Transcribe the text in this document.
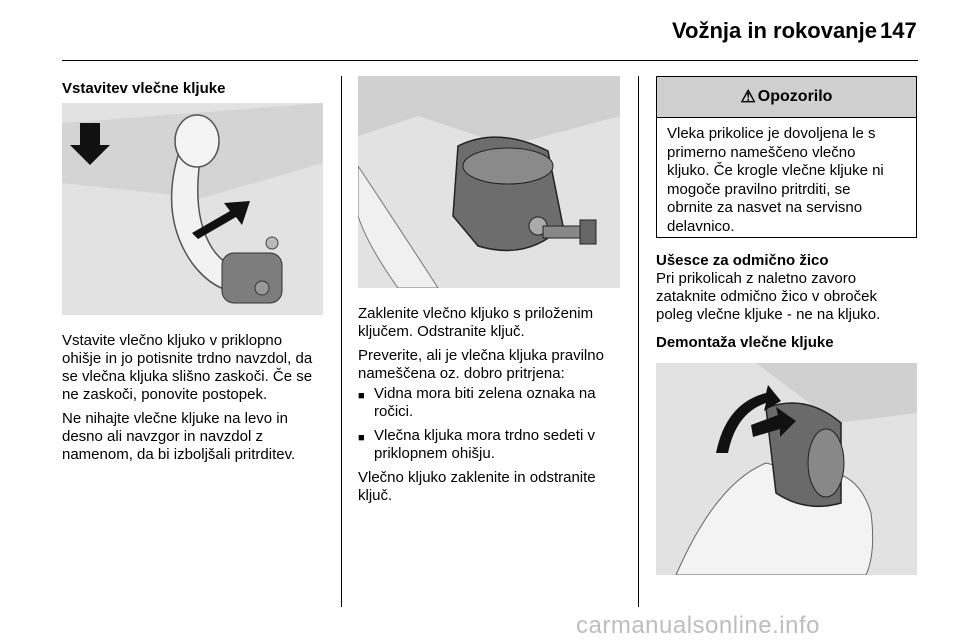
Vožnja in rokovanje 147
Vstavitev vlečne kljuke
Vstavite vlečno kljuko v priklopno
ohišje in jo potisnite trdno navzdol, da
se vlečna kljuka slišno zaskoči. Če se
ne zaskoči, ponovite postopek.
Ne nihajte vlečne kljuke na levo in
desno ali navzgor in navzdol z
namenom, da bi izboljšali pritrditev.
Zaklenite vlečno kljuko s priloženim
ključem. Odstranite ključ.
Preverite, ali je vlečna kljuka pravilno
nameščena oz. dobro pritrjena:
■ Vidna mora biti zelena oznaka na
ročici.
■ Vlečna kljuka mora trdno sedeti v
priklopnem ohišju.
Vlečno kljuko zaklenite in odstranite
ključ.
⚠ Opozorilo
Vleka prikolice je dovoljena le s
primerno nameščeno vlečno
kljuko. Če krogle vlečne kljuke ni
mogoče pravilno pritrditi, se
obrnite za nasvet na servisno
delavnico.
Ušesce za odmično žico
Pri prikolicah z naletno zavoro
zataknite odmično žico v obroček
poleg vlečne kljuke - ne na kljuko.
Demontaža vlečne kljuke
carmanualsonline.info
